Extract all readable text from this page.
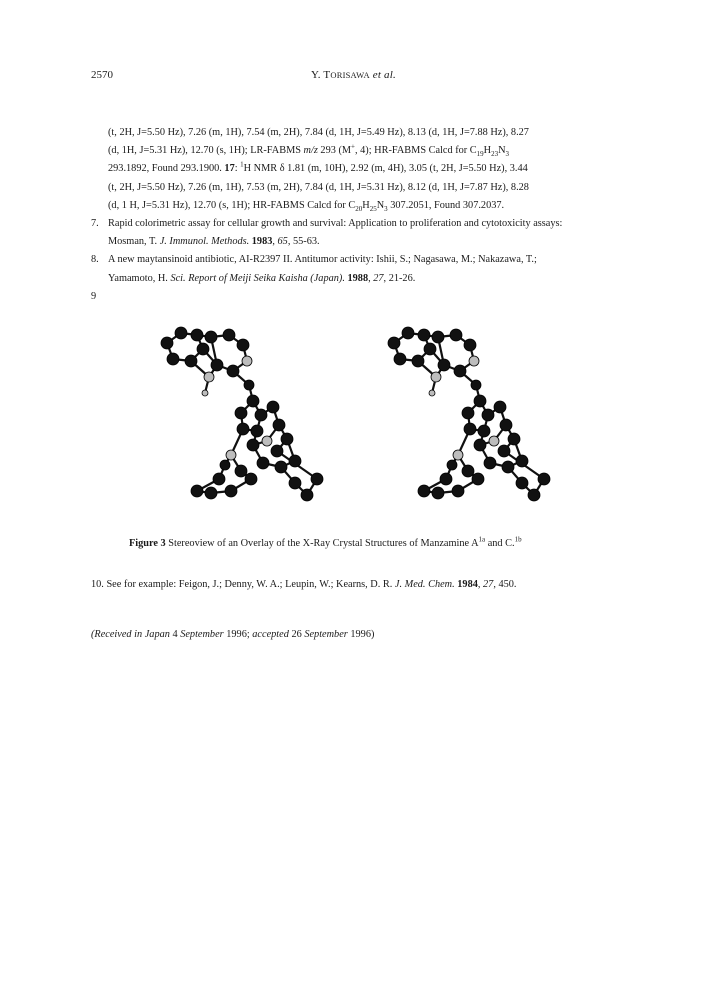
2570	Y. TORISAWA et al.
(t, 2H, J=5.50 Hz), 7.26 (m, 1H), 7.54 (m, 2H), 7.84 (d, 1H, J=5.49 Hz), 8.13 (d, 1H, J=7.88 Hz), 8.27
(d, 1H, J=5.31 Hz), 12.70 (s, 1H); LR-FABMS m/z 293 (M+, 4); HR-FABMS Calcd for $C_{19}H_{23}N_3$
293.1892, Found 293.1900. 17: $^1$H NMR δ 1.81 (m, 10H), 2.92 (m, 4H), 3.05 (t, 2H, J=5.50 Hz), 3.44
(t, 2H, J=5.50 Hz), 7.26 (m, 1H), 7.53 (m, 2H), 7.84 (d, 1H, J=5.31 Hz), 8.12 (d, 1H, J=7.87 Hz), 8.28
(d, 1 H, J=5.31 Hz), 12.70 (s, 1H); HR-FABMS Calcd for $C_{20}H_{25}N_3$ 307.2051, Found 307.2037.
7. Rapid colorimetric assay for cellular growth and survival: Application to proliferation and cytotoxicity assays:
Mosman, T. J. Immunol. Methods. 1983, 65, 55-63.
8. A new maytansinoid antibiotic, AI-R2397 II. Antitumor activity: Ishii, S.; Nagasawa, M.; Nakazawa, T.;
Yamamoto, H. Sci. Report of Meiji Seika Kaisha (Japan). 1988, 27, 21-26.
9
Figure 3 Stereoview of an Overlay of the X-Ray Crystal Structures of Manzamine $A^{1a}$ and C.$^{1b}$
10. See for example: Feigon, J.; Denny, W. A.; Leupin, W.; Kearns, D. R. J. Med. Chem. 1984, 27, 450.
(Received in Japan 4 September 1996; accepted 26 September 1996)
